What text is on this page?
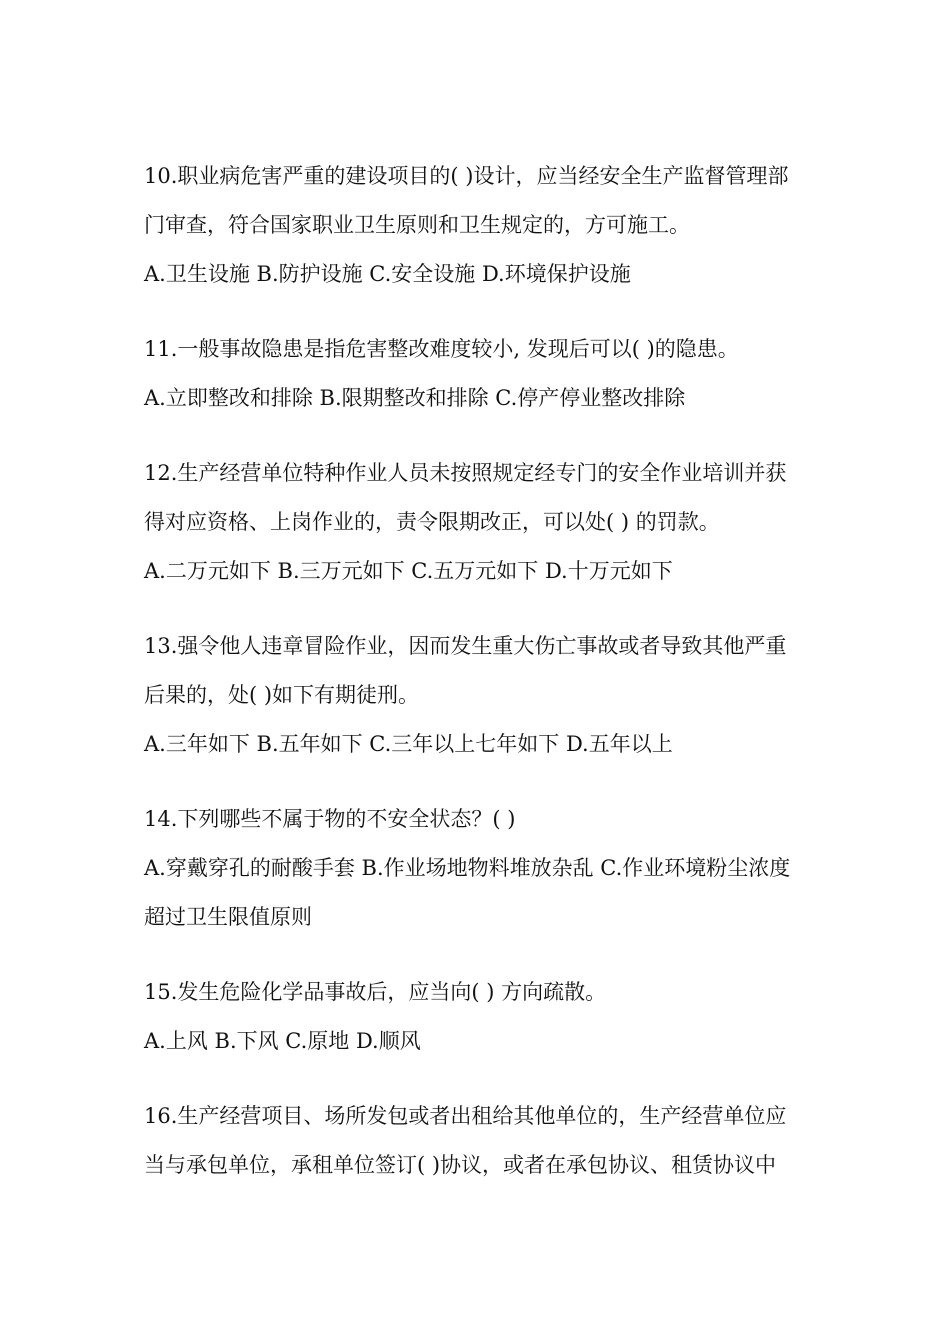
10.职业病危害严重的建设项目的( )设计，应当经安全生产监督管理部
门审查，符合国家职业卫生原则和卫生规定的，方可施工。
A.卫生设施 B.防护设施 C.安全设施 D.环境保护设施
11.一般事故隐患是指危害整改难度较小, 发现后可以( )的隐患。
A.立即整改和排除 B.限期整改和排除 C.停产停业整改排除
12.生产经营单位特种作业人员未按照规定经专门的安全作业培训并获
得对应资格、上岗作业的，责令限期改正，可以处( ) 的罚款。
A.二万元如下 B.三万元如下 C.五万元如下 D.十万元如下
13.强令他人违章冒险作业，因而发生重大伤亡事故或者导致其他严重
后果的，处( )如下有期徒刑。
A.三年如下 B.五年如下 C.三年以上七年如下 D.五年以上
14.下列哪些不属于物的不安全状态？( )
A.穿戴穿孔的耐酸手套 B.作业场地物料堆放杂乱 C.作业环境粉尘浓度
超过卫生限值原则
15.发生危险化学品事故后，应当向( ) 方向疏散。
A.上风 B.下风 C.原地 D.顺风
16.生产经营项目、场所发包或者出租给其他单位的，生产经营单位应
当与承包单位，承租单位签订( )协议，或者在承包协议、租赁协议中
